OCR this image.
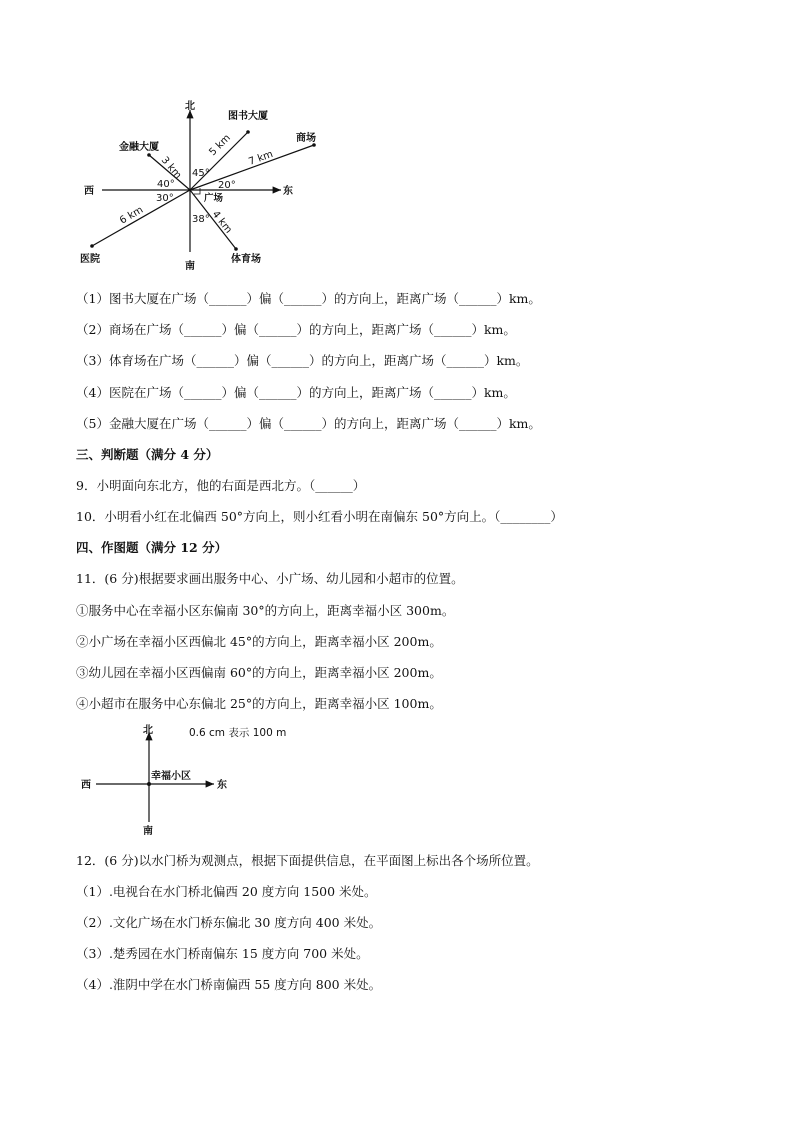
北
南
东
西
图书大厦
商场
金融大厦
医院	体育场
广场
5 km
7 km
3 km
6 km	4 km
45°
20°
40°
30°
38°
（1）图书大厦在广场（______）偏（______）的方向上，距离广场（______）km。
（2）商场在广场（______）偏（______）的方向上，距离广场（______）km。
（3）体育场在广场（______）偏（______）的方向上，距离广场（______）km。
（4）医院在广场（______）偏（______）的方向上，距离广场（______）km。
（5）金融大厦在广场（______）偏（______）的方向上，距离广场（______）km。
三、判断题（满分 4 分）
9．小明面向东北方，他的右面是西北方。（______）
10．小明看小红在北偏西 50°方向上，则小红看小明在南偏东 50°方向上。（________）
四、作图题（满分 12 分）
11．(6 分)根据要求画出服务中心、小广场、幼儿园和小超市的位置。
①服务中心在幸福小区东偏南 30°的方向上，距离幸福小区 300m。
②小广场在幸福小区西偏北 45°的方向上，距离幸福小区 200m。
③幼儿园在幸福小区西偏南 60°的方向上，距离幸福小区 200m。
④小超市在服务中心东偏北 25°的方向上，距离幸福小区 100m。
北
南
东
西
幸福小区
0.6 cm 表示 100 m
12．(6 分)以水门桥为观测点，根据下面提供信息，在平面图上标出各个场所位置。
（1）.电视台在水门桥北偏西 20 度方向 1500 米处。
（2）.文化广场在水门桥东偏北 30 度方向 400 米处。
（3）.楚秀园在水门桥南偏东 15 度方向 700 米处。
（4）.淮阴中学在水门桥南偏西 55 度方向 800 米处。
